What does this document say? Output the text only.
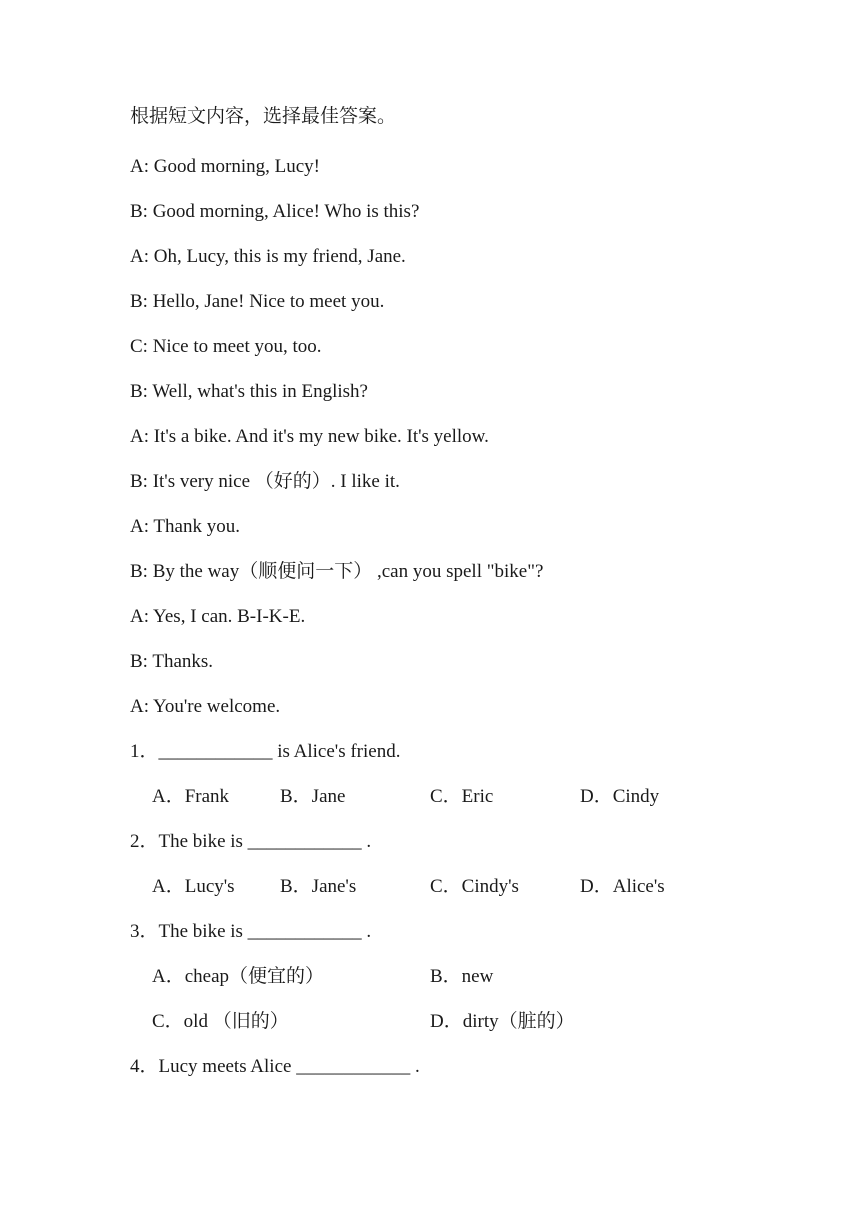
根据短文内容，选择最佳答案。
A: Good morning, Lucy!
B: Good morning, Alice! Who is this?
A: Oh, Lucy, this is my friend, Jane.
B: Hello, Jane! Nice to meet you.
C: Nice to meet you, too.
B: Well, what's this in English?
A: It's a bike. And it's my new bike. It's yellow.
B: It's very nice （好的）. I like it.
A: Thank you.
B: By the way（顺便问一下） ,can you spell "bike"?
A: Yes, I can. B-I-K-E.
B: Thanks.
A: You're welcome.
1．____________ is Alice's friend.
A．Frank	B．Jane	C．Eric	D．Cindy
2．The bike is ____________ .
A．Lucy's B．Jane's	C．Cindy's	D．Alice's
3．The bike is ____________ .
A．cheap（便宜的）	B．new
C．old （旧的）	D．dirty（脏的）
4．Lucy meets Alice ____________ .
